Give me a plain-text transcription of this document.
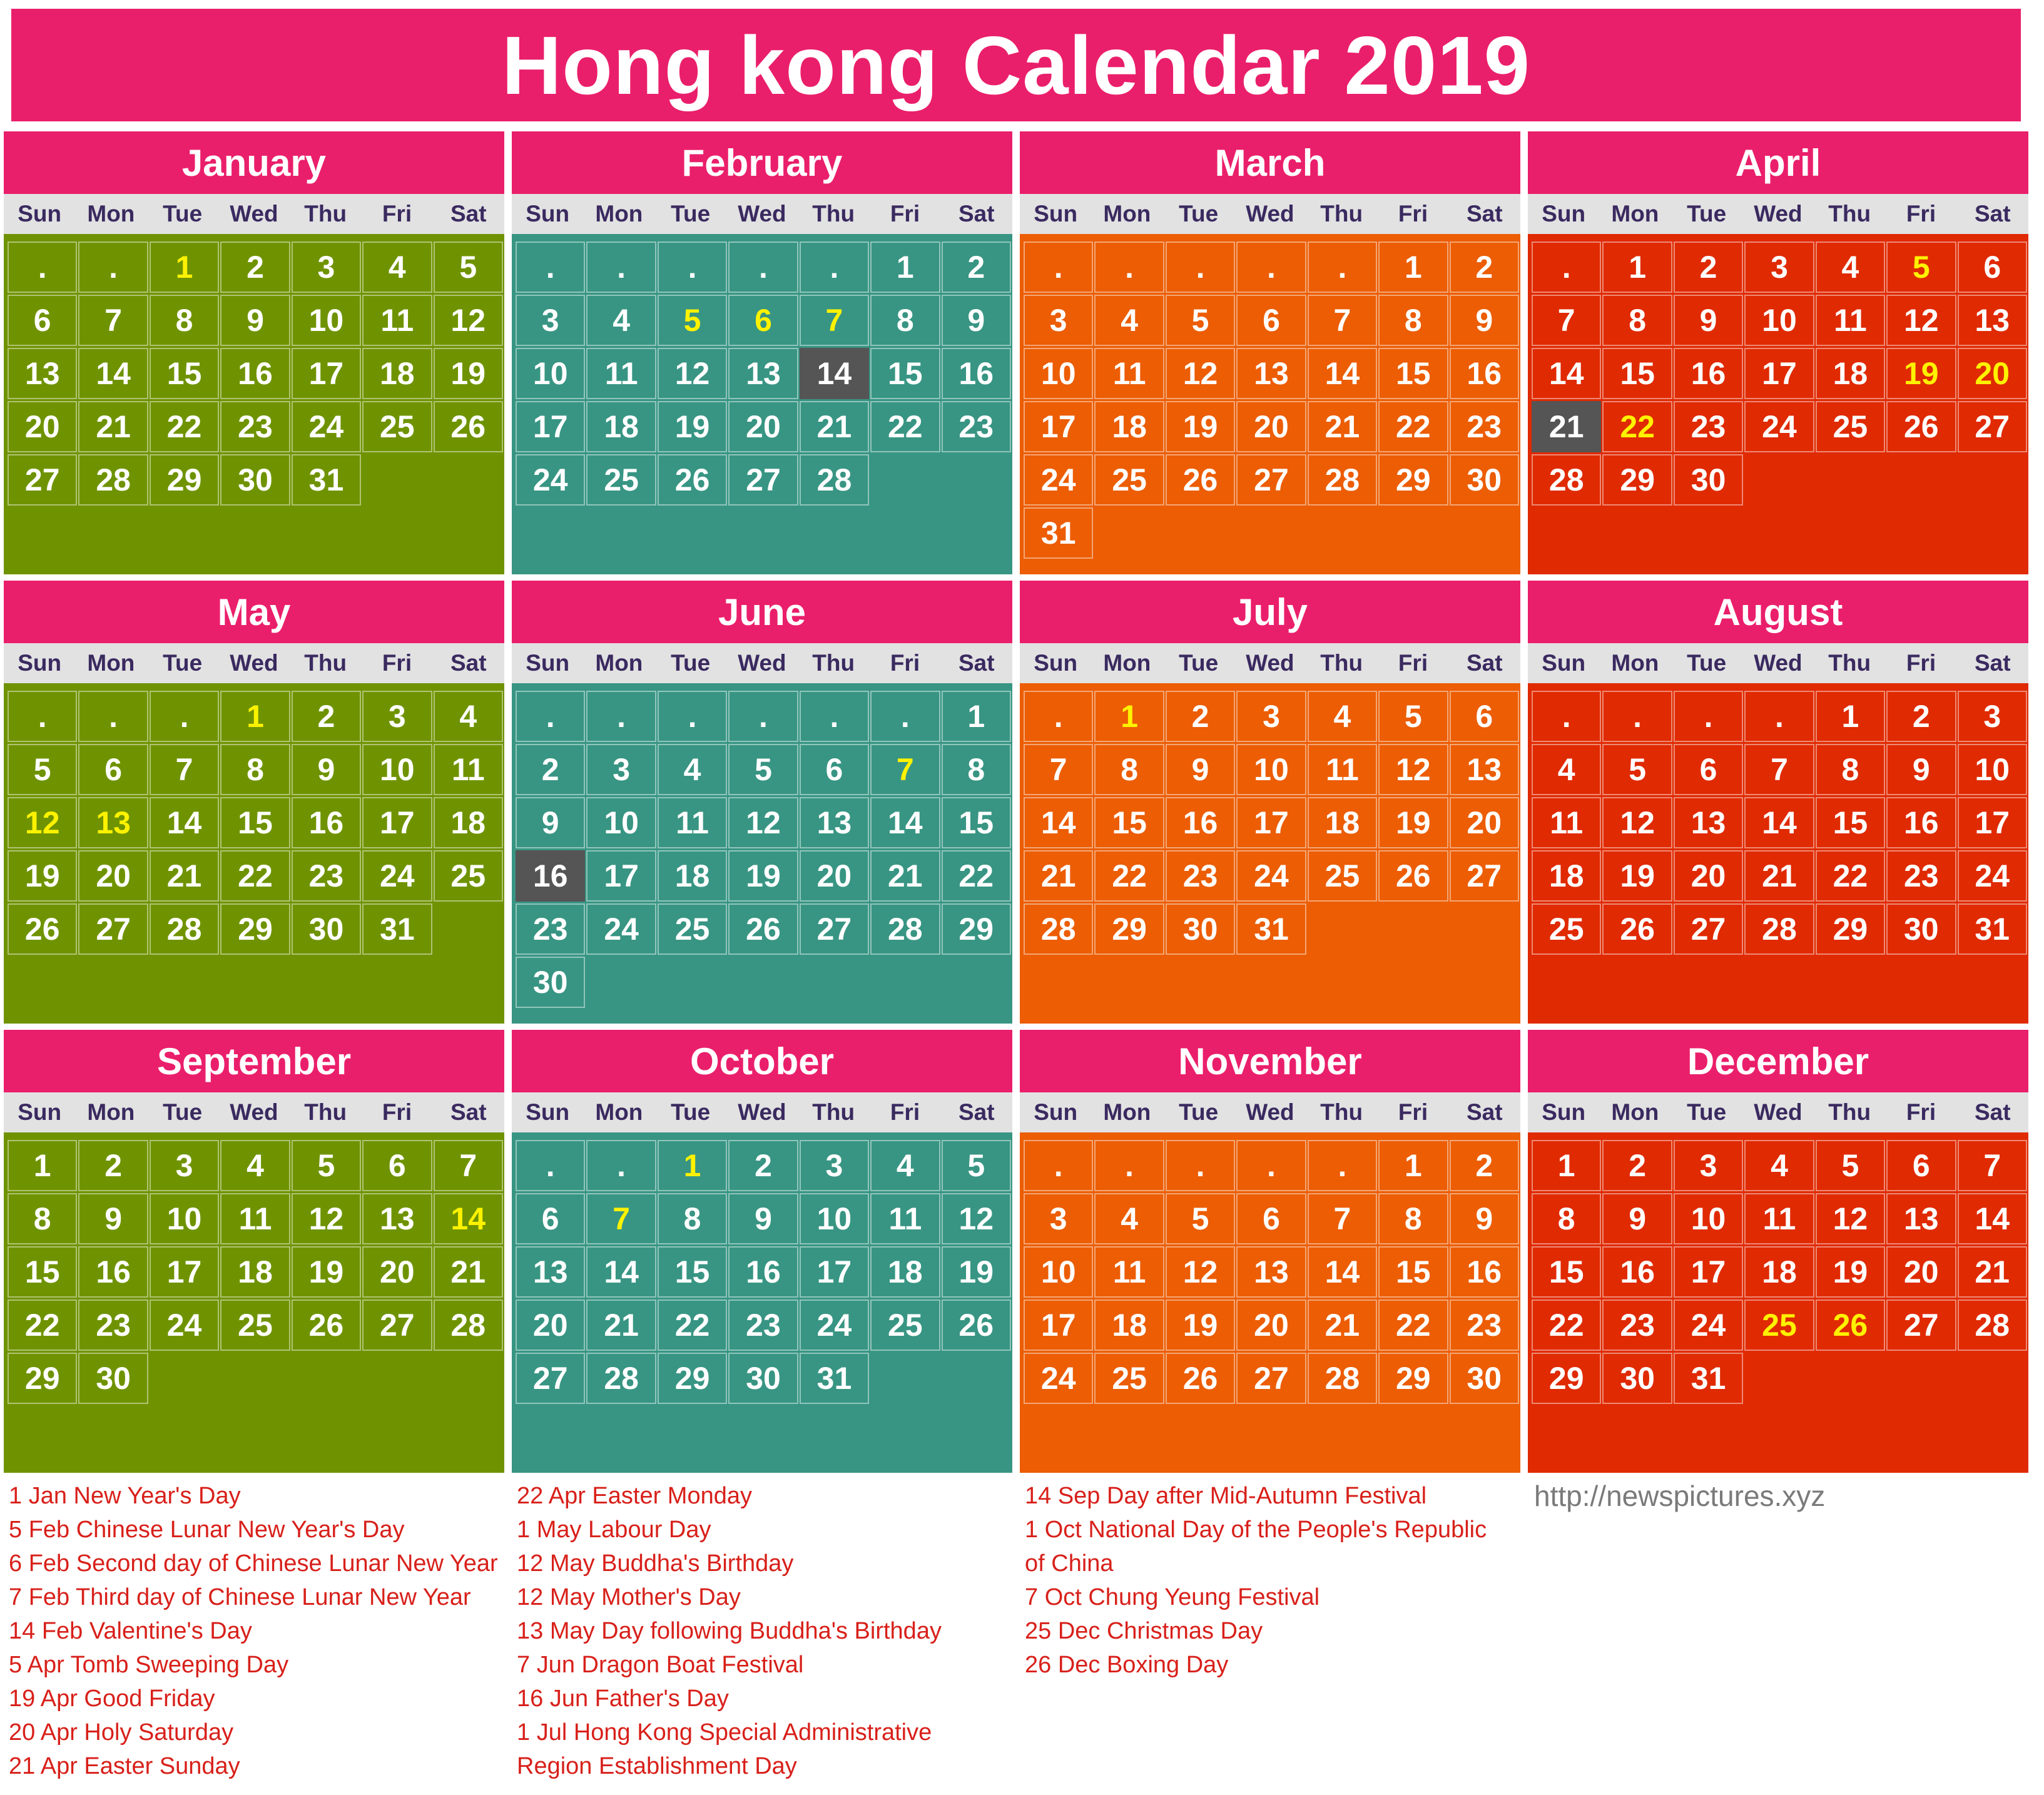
Hong kong Calendar 2019
January
Sun	Mon	Tue	Wed	Thu	Fri	Sat
.	.	1	2	3	4	5
6	7	8	9	10	11	12
13	14	15	16	17	18	19
20	21	22	23	24	25	26
27	28	29	30	31
February
Sun	Mon	Tue	Wed	Thu	Fri	Sat
.	.	.	.	.	1	2
3	4	5	6	7	8	9
10	11	12	13	14	15	16
17	18	19	20	21	22	23
24	25	26	27	28
March
Sun	Mon	Tue	Wed	Thu	Fri	Sat
.	.	.	.	.	1	2
3	4	5	6	7	8	9
10	11	12	13	14	15	16
17	18	19	20	21	22	23
24	25	26	27	28	29	30
31
April
Sun	Mon	Tue	Wed	Thu	Fri	Sat
.	1	2	3	4	5	6
7	8	9	10	11	12	13
14	15	16	17	18	19	20
21	22	23	24	25	26	27
28	29	30
May
Sun	Mon	Tue	Wed	Thu	Fri	Sat
.	.	.	1	2	3	4
5	6	7	8	9	10	11
12	13	14	15	16	17	18
19	20	21	22	23	24	25
26	27	28	29	30	31
June
Sun	Mon	Tue	Wed	Thu	Fri	Sat
.	.	.	.	.	.	1
2	3	4	5	6	7	8
9	10	11	12	13	14	15
16	17	18	19	20	21	22
23	24	25	26	27	28	29
30
July
Sun	Mon	Tue	Wed	Thu	Fri	Sat
.	1	2	3	4	5	6
7	8	9	10	11	12	13
14	15	16	17	18	19	20
21	22	23	24	25	26	27
28	29	30	31
August
Sun	Mon	Tue	Wed	Thu	Fri	Sat
.	.	.	.	1	2	3
4	5	6	7	8	9	10
11	12	13	14	15	16	17
18	19	20	21	22	23	24
25	26	27	28	29	30	31
September
Sun	Mon	Tue	Wed	Thu	Fri	Sat
1	2	3	4	5	6	7
8	9	10	11	12	13	14
15	16	17	18	19	20	21
22	23	24	25	26	27	28
29	30
October
Sun	Mon	Tue	Wed	Thu	Fri	Sat
.	.	1	2	3	4	5
6	7	8	9	10	11	12
13	14	15	16	17	18	19
20	21	22	23	24	25	26
27	28	29	30	31
November
Sun	Mon	Tue	Wed	Thu	Fri	Sat
.	.	.	.	.	1	2
3	4	5	6	7	8	9
10	11	12	13	14	15	16
17	18	19	20	21	22	23
24	25	26	27	28	29	30
December
Sun	Mon	Tue	Wed	Thu	Fri	Sat
1	2	3	4	5	6	7
8	9	10	11	12	13	14
15	16	17	18	19	20	21
22	23	24	25	26	27	28
29	30	31
1 Jan New Year's Day
5 Feb Chinese Lunar New Year's Day
6 Feb Second day of Chinese Lunar New Year
7 Feb Third day of Chinese Lunar New Year
14 Feb Valentine's Day
5 Apr Tomb Sweeping Day
19 Apr Good Friday
20 Apr Holy Saturday
21 Apr Easter Sunday
22 Apr Easter Monday
1 May Labour Day
12 May Buddha's Birthday
12 May Mother's Day
13 May Day following Buddha's Birthday
7 Jun Dragon Boat Festival
16 Jun Father's Day
1 Jul Hong Kong Special Administrative Region Establishment Day
14 Sep Day after Mid-Autumn Festival
1 Oct National Day of the People's Republic of China
7 Oct Chung Yeung Festival
25 Dec Christmas Day
26 Dec Boxing Day
http://newspictures.xyz
